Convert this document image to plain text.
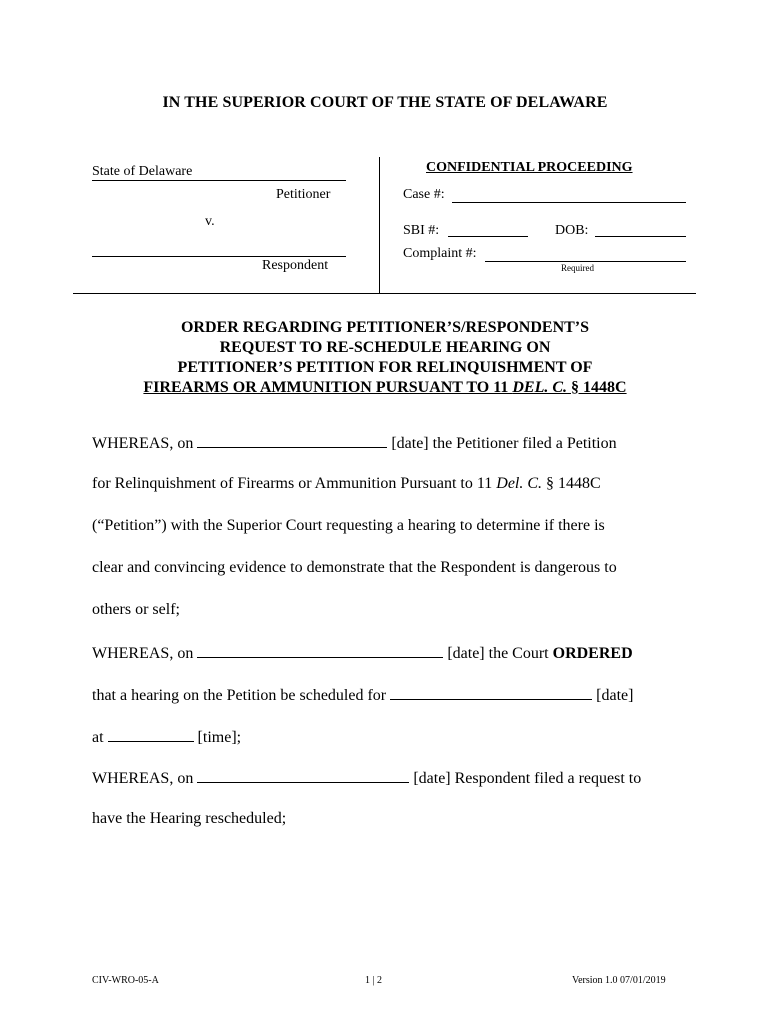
IN THE SUPERIOR COURT OF THE STATE OF DELAWARE
State of Delaware
Petitioner
v.
Respondent
CONFIDENTIAL PROCEEDING
Case #:
SBI #:	DOB:
Complaint #:
Required
ORDER REGARDING PETITIONER’S/RESPONDENT’S
REQUEST TO RE-SCHEDULE HEARING ON
PETITIONER’S PETITION FOR RELINQUISHMENT OF
FIREARMS OR AMMUNITION PURSUANT TO 11 DEL. C. § 1448C
WHEREAS, on	[date] the Petitioner filed a Petition
for Relinquishment of Firearms or Ammunition Pursuant to 11 Del. C. § 1448C
(“Petition”) with the Superior Court requesting a hearing to determine if there is
clear and convincing evidence to demonstrate that the Respondent is dangerous to
others or self;
WHEREAS, on	[date] the Court ORDERED
that a hearing on the Petition be scheduled for	[date]
at	[time];
WHEREAS, on	[date] Respondent filed a request to
have the Hearing rescheduled;
CIV-WRO-05-A	1 | 2	Version 1.0 07/01/2019
